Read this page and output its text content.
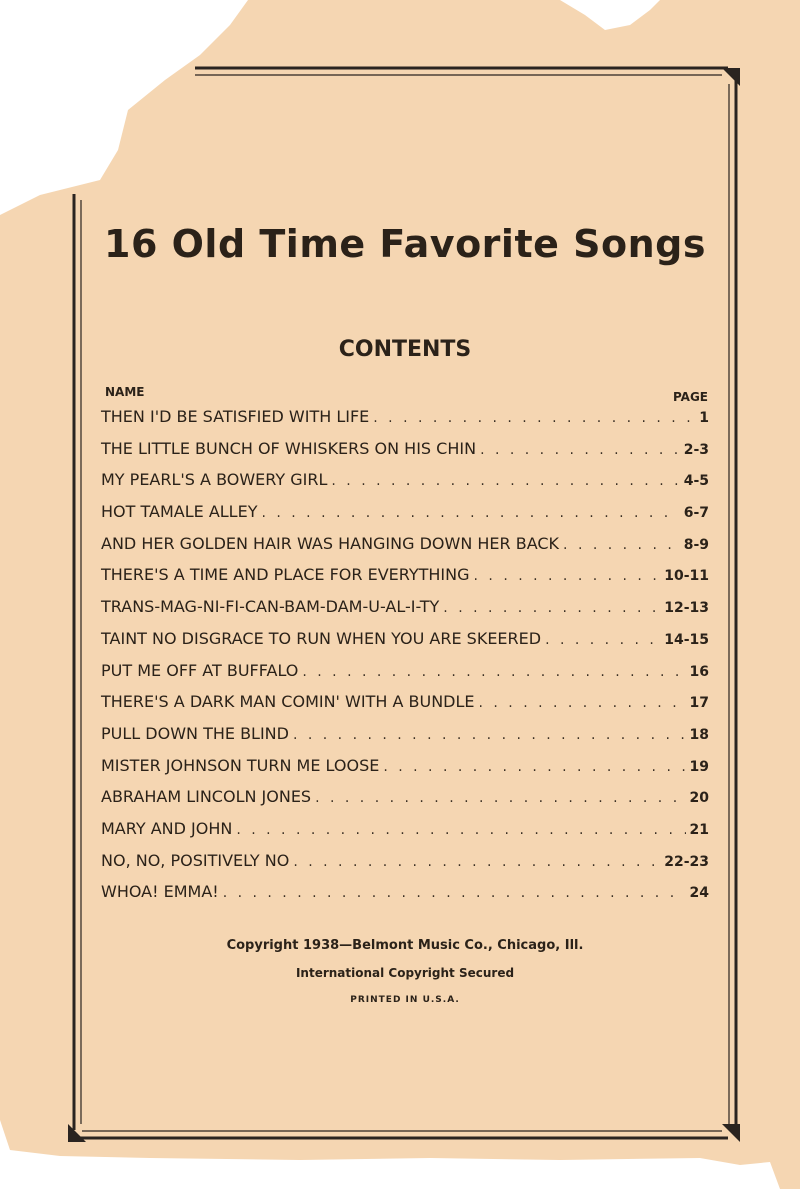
16 Old Time Favorite Songs
CONTENTS
NAME	PAGE
THEN I'D BE SATISFIED WITH LIFE . . .	1
THE LITTLE BUNCH OF WHISKERS ON HIS CHIN . . .	2-3
MY PEARL'S A BOWERY GIRL . . .	4-5
HOT TAMALE ALLEY . . .	6-7
AND HER GOLDEN HAIR WAS HANGING DOWN HER BACK . . .	8-9
THERE'S A TIME AND PLACE FOR EVERYTHING . . .	10-11
TRANS-MAG-NI-FI-CAN-BAM-DAM-U-AL-I-TY . . .	12-13
TAINT NO DISGRACE TO RUN WHEN YOU ARE SKEERED . . .	14-15
PUT ME OFF AT BUFFALO . . .	16
THERE'S A DARK MAN COMIN' WITH A BUNDLE . . .	17
PULL DOWN THE BLIND . . .	18
MISTER JOHNSON TURN ME LOOSE . . .	19
ABRAHAM LINCOLN JONES . . .	20
MARY AND JOHN . . .	21
NO, NO, POSITIVELY NO . . .	22-23
WHOA! EMMA! . . .	24
Copyright 1938—Belmont Music Co., Chicago, Ill.
International Copyright Secured
PRINTED IN U.S.A.
